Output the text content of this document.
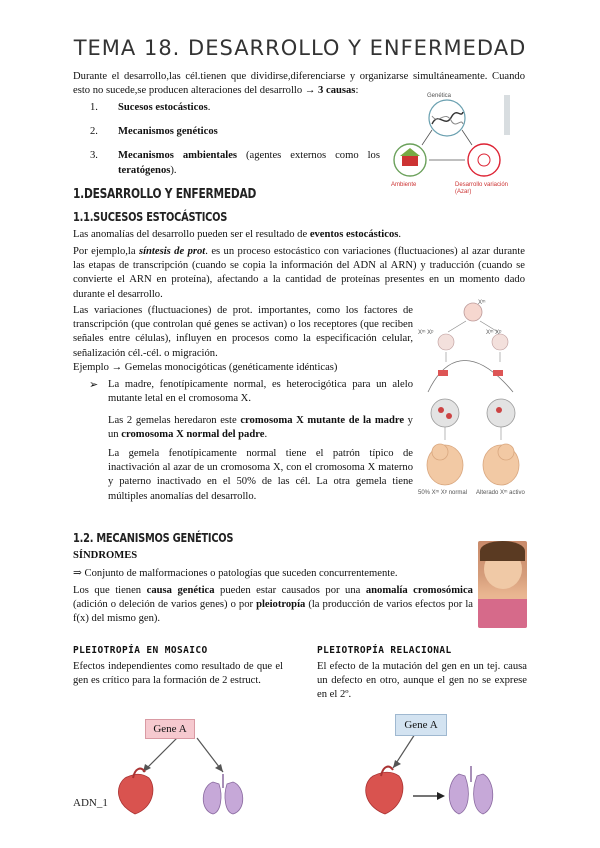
TEMA 18. DESARROLLO Y ENFERMEDAD

Durante el desarrollo,las cél.tienen que dividirse,diferenciarse y organizarse simultáneamente. Cuando esto no sucede,se producen alteraciones del desarrollo → 3 causas:

1. Sucesos estocásticos.
2. Mecanismos genéticos
3. Mecanismos ambientales (agentes externos como los teratógenos).
Genética
Ambiente	Desarrollo variación (Azar)
1.DESARROLLO Y ENFERMEDAD
1.1.SUCESOS ESTOCÁSTICOS

Las anomalías del desarrollo pueden ser el resultado de eventos estocásticos.

Por ejemplo,la síntesis de prot. es un proceso estocástico con variaciones (fluctuaciones) al azar durante las etapas de transcripción (cuando se copia la información del ADN al ARN) y traducción (cuando se convierte el ARN en proteína), afectando a la cantidad de proteínas presentes en un momento dado durante el desarrollo.

Las variaciones (fluctuaciones) de prot. importantes, como los factores de transcripción (que controlan qué genes se activan) o los receptores (que reciben señales entre células), influyen en procesos como la especificación celular, señalización cél.-cél. o migración.

Ejemplo → Gemelas monocigóticas (genéticamente idénticas)

➢ La madre, fenotípicamente normal, es heterocigótica para un alelo mutante letal en el cromosoma X.

Las 2 gemelas heredaron este cromosoma X mutante de la madre y un cromosoma X normal del padre.

La gemela fenotípicamente normal tiene el patrón típico de inactivación al azar de un cromosoma X, con el cromosoma X materno y paterno inactivado en el 50% de las cél. La otra gemela tiene múltiples anomalías del desarrollo.

Xᵐ
Xᵐ Xᵖ	Xᵐ Xᵖ
50% Xᵐ Xᵖ normal	Alterado Xᵐ activo
1.2. MECANISMOS GENÉTICOS
SÍNDROMES

⇒ Conjunto de malformaciones o patologías que suceden concurrentemente.

Los que tienen causa genética pueden estar causados por una anomalía cromosómica (adición o deleción de varios genes) o por pleiotropía (la producción de varios efectos por la f(x) del mismo gen).

PLEIOTROPÍA EN MOSAICO

Efectos independientes como resultado de que el gen es crítico para la formación de 2 estruct.

PLEIOTROPÍA RELACIONAL

El efecto de la mutación del gen en un tej. causa un defecto en otro, aunque el gen no se exprese en el 2º.

Gene A	Gene A
ADN_1
